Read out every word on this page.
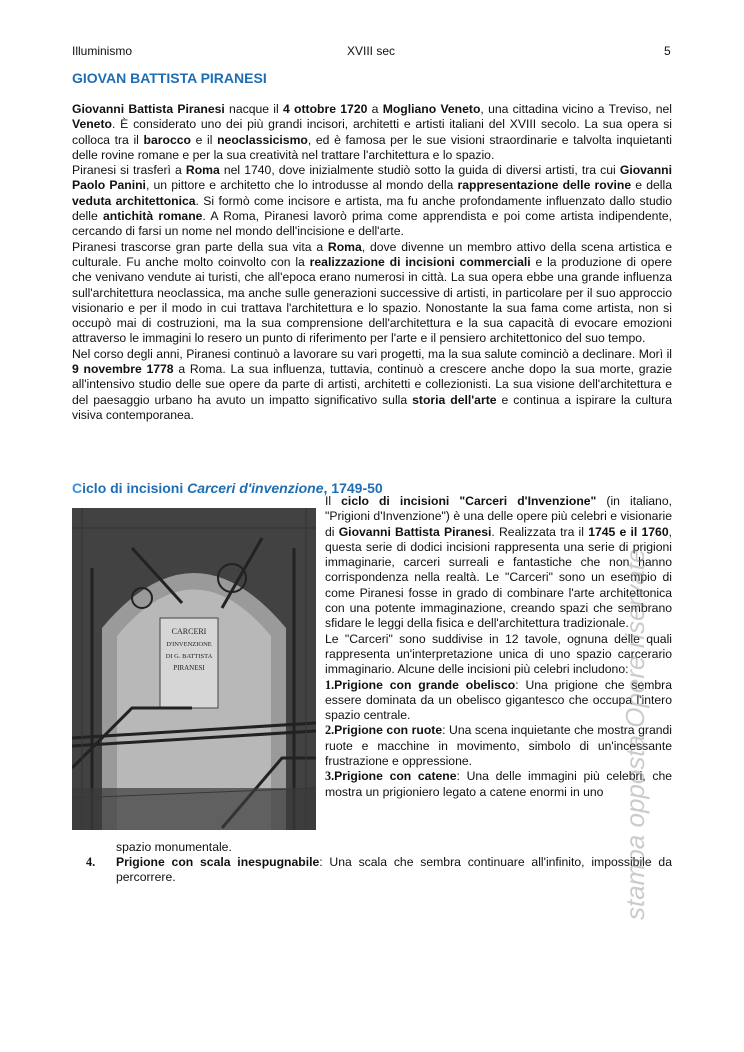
Illuminismo	XVIII sec	5
GIOVAN BATTISTA PIRANESI

Giovanni Battista Piranesi nacque il 4 ottobre 1720 a Mogliano Veneto, una cittadina vicino a Treviso, nel Veneto. È considerato uno dei più grandi incisori, architetti e artisti italiani del XVIII secolo. La sua opera si colloca tra il barocco e il neoclassicismo, ed è famosa per le sue visioni straordinarie e talvolta inquietanti delle rovine romane e per la sua creatività nel trattare l'architettura e lo spazio.

Piranesi si trasferì a Roma nel 1740, dove inizialmente studiò sotto la guida di diversi artisti, tra cui Giovanni Paolo Panini, un pittore e architetto che lo introdusse al mondo della rappresentazione delle rovine e della veduta architettonica. Si formò come incisore e artista, ma fu anche profondamente influenzato dallo studio delle antichità romane. A Roma, Piranesi lavorò prima come apprendista e poi come artista indipendente, cercando di farsi un nome nel mondo dell'incisione e dell'arte.

Piranesi trascorse gran parte della sua vita a Roma, dove divenne un membro attivo della scena artistica e culturale. Fu anche molto coinvolto con la realizzazione di incisioni commerciali e la produzione di opere che venivano vendute ai turisti, che all'epoca erano numerosi in città. La sua opera ebbe una grande influenza sull'architettura neoclassica, ma anche sulle generazioni successive di artisti, in particolare per il suo approccio visionario e per il modo in cui trattava l'architettura e lo spazio. Nonostante la sua fama come artista, non si occupò mai di costruzioni, ma la sua comprensione dell'architettura e la sua capacità di evocare emozioni attraverso le immagini lo resero un punto di riferimento per l'arte e il pensiero architettonico del suo tempo.

Nel corso degli anni, Piranesi continuò a lavorare su vari progetti, ma la sua salute cominciò a declinare. Morì il 9 novembre 1778 a Roma. La sua influenza, tuttavia, continuò a crescere anche dopo la sua morte, grazie all'intensivo studio delle sue opere da parte di artisti, architetti e collezionisti. La sua visione dell'architettura e del paesaggio urbano ha avuto un impatto significativo sulla storia dell'arte e continua a ispirare la cultura visiva contemporanea.

Ciclo di incisioni Carceri d'invenzione, 1749-50
CARCERI
D'INVENZIONE
DI G. BATTISTA
PIRANESI

Il ciclo di incisioni "Carceri d'Invenzione" (in italiano, "Prigioni d'Invenzione") è una delle opere più celebri e visionarie di Giovanni Battista Piranesi. Realizzata tra il 1745 e il 1760, questa serie di dodici incisioni rappresenta una serie di prigioni immaginarie, carceri surreali e fantastiche che non hanno corrispondenza nella realtà. Le "Carceri" sono un esempio di come Piranesi fosse in grado di combinare l'arte architettonica con una potente immaginazione, creando spazi che sembrano sfidare le leggi della fisica e dell'architettura tradizionale.

Le "Carceri" sono suddivise in 12 tavole, ognuna delle quali rappresenta un'interpretazione unica di uno spazio carcerario immaginario. Alcune delle incisioni più celebri includono:

1.Prigione con grande obelisco: Una prigione che sembra essere dominata da un obelisco gigantesco che occupa l'intero spazio centrale.

2.Prigione con ruote: Una scena inquietante che mostra grandi ruote e macchine in movimento, simbolo di un'incessante frustrazione e oppressione.

3.Prigione con catene: Una delle immagini più celebri, che mostra un prigioniero legato a catene enormi in uno

spazio monumentale.
4. Prigione con scala inespugnabile: Una scala che sembra continuare all'infinito, impossibile da percorrere.	stampa opposta Opere riservate
